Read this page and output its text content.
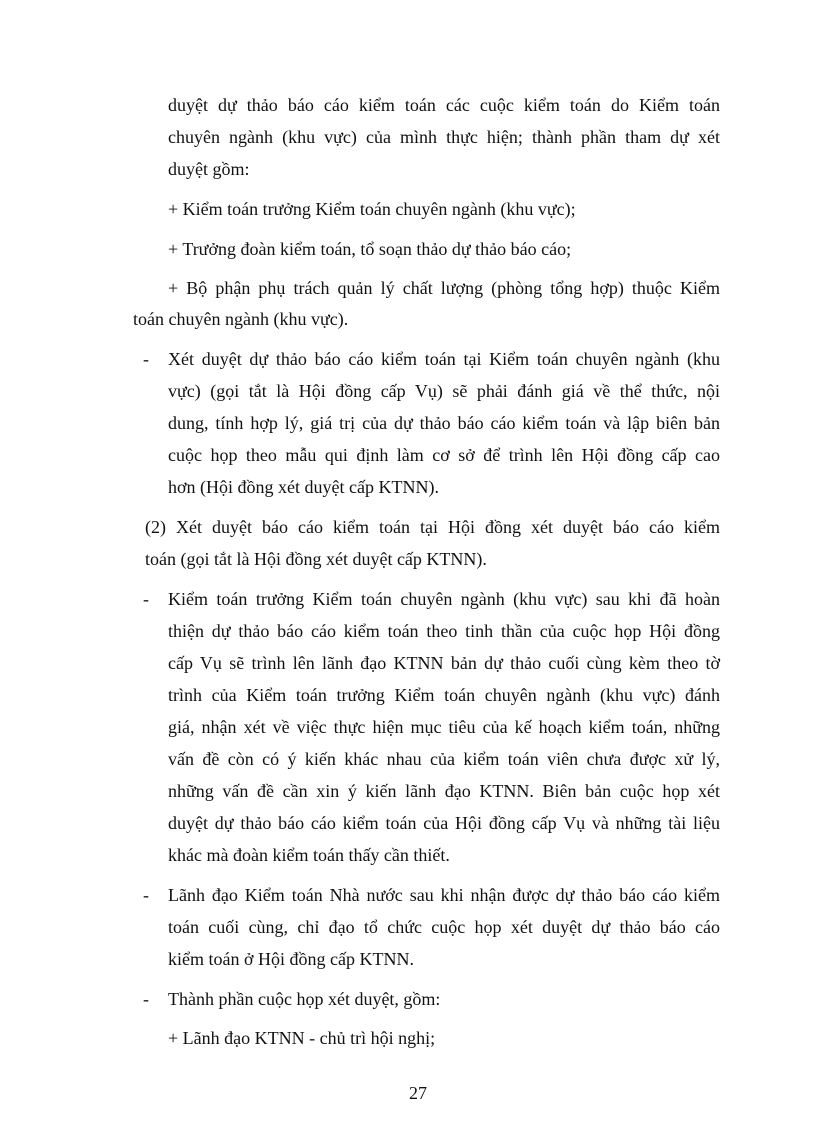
duyệt dự thảo báo cáo kiểm toán các cuộc kiểm toán do Kiểm toán
chuyên ngành (khu vực) của mình thực hiện; thành phần tham dự xét
duyệt gồm:
+ Kiểm toán trưởng Kiểm toán chuyên ngành (khu vực);
+ Trưởng đoàn kiểm toán, tổ soạn thảo dự thảo báo cáo;
+ Bộ phận phụ trách quản lý chất lượng (phòng tổng hợp) thuộc Kiểm
toán chuyên ngành (khu vực).
- Xét duyệt dự thảo báo cáo kiểm toán tại Kiểm toán chuyên ngành (khu
vực) (gọi tắt là Hội đồng cấp Vụ) sẽ phải đánh giá về thể thức, nội
dung, tính hợp lý, giá trị của dự thảo báo cáo kiểm toán và lập biên bản
cuộc họp theo mẫu qui định làm cơ sở để trình lên Hội đồng cấp cao
hơn (Hội đồng xét duyệt cấp KTNN).
(2) Xét duyệt báo cáo kiểm toán tại Hội đồng xét duyệt báo cáo kiểm
toán (gọi tắt là Hội đồng xét duyệt cấp KTNN).
- Kiểm toán trưởng Kiểm toán chuyên ngành (khu vực) sau khi đã hoàn
thiện dự thảo báo cáo kiểm toán theo tinh thần của cuộc họp Hội đồng
cấp Vụ sẽ trình lên lãnh đạo KTNN bản dự thảo cuối cùng kèm theo tờ
trình của Kiểm toán trưởng Kiểm toán chuyên ngành (khu vực) đánh
giá, nhận xét về việc thực hiện mục tiêu của kế hoạch kiểm toán, những
vấn đề còn có ý kiến khác nhau của kiểm toán viên chưa được xử lý,
những vấn đề cần xin ý kiến lãnh đạo KTNN. Biên bản cuộc họp xét
duyệt dự thảo báo cáo kiểm toán của Hội đồng cấp Vụ và những tài liệu
khác mà đoàn kiểm toán thấy cần thiết.
- Lãnh đạo Kiểm toán Nhà nước sau khi nhận được dự thảo báo cáo kiểm
toán cuối cùng, chỉ đạo tổ chức cuộc họp xét duyệt dự thảo báo cáo
kiểm toán ở Hội đồng cấp KTNN.
- Thành phần cuộc họp xét duyệt, gồm:
+ Lãnh đạo KTNN - chủ trì hội nghị;
27
